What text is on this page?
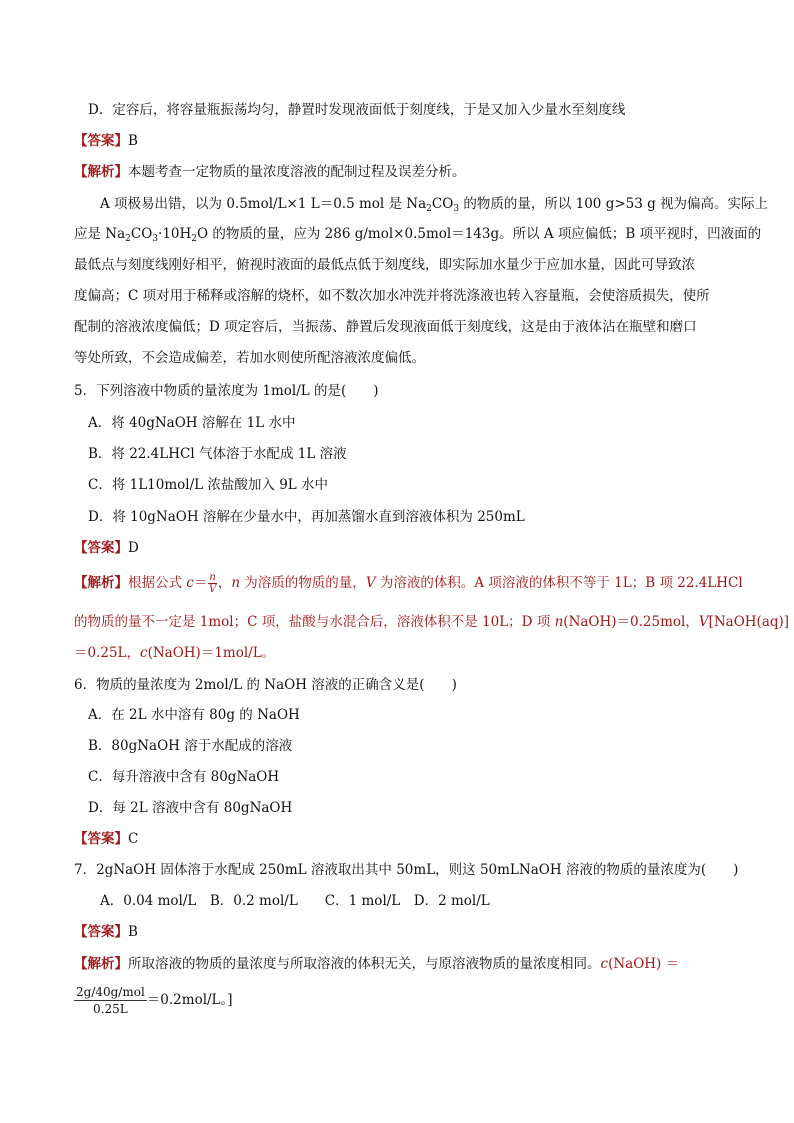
D．定容后，将容量瓶振荡均匀，静置时发现液面低于刻度线，于是又加入少量水至刻度线
【答案】B
【解析】本题考查一定物质的量浓度溶液的配制过程及误差分析。
A 项极易出错，以为 0.5mol/L×1 L＝0.5 mol 是 $Na_2CO_3$ 的物质的量，所以 100 g>53 g 视为偏高。实际上
应是 $Na_2CO_3\cdot 10H_2O$ 的物质的量，应为 286 g/mol×0.5mol＝143g。所以 A 项应偏低；B 项平视时，凹液面的
最低点与刻度线刚好相平，俯视时液面的最低点低于刻度线，即实际加水量少于应加水量，因此可导致浓
度偏高；C 项对用于稀释或溶解的烧杯，如不数次加水冲洗并将洗涤液也转入容量瓶，会使溶质损失，使所
配制的溶液浓度偏低；D 项定容后，当振荡、静置后发现液面低于刻度线，这是由于液体沾在瓶壁和磨口
等处所致，不会造成偏差，若加水则使所配溶液浓度偏低。
5．下列溶液中物质的量浓度为 1mol/L 的是(　　)
A．将 40gNaOH 溶解在 1L 水中
B．将 22.4LHCl 气体溶于水配成 1L 溶液
C．将 1L10mol/L 浓盐酸加入 9L 水中
D．将 10gNaOH 溶解在少量水中，再加蒸馏水直到溶液体积为 250mL
【答案】D
【解析】根据公式 $c= \frac{n}{V}$ ，n 为溶质的物质的量，V 为溶液的体积。A 项溶液的体积不等于 1L；B 项 22.4LHCl
的物质的量不一定是 1mol；C 项，盐酸与水混合后，溶液体积不是 10L；D 项 n(NaOH)＝0.25mol，V[NaOH(aq)]
＝0.25L，c(NaOH)＝1mol/L。
6．物质的量浓度为 2mol/L 的 NaOH 溶液的正确含义是(　　)
A．在 2L 水中溶有 80g 的 NaOH
B．80gNaOH 溶于水配成的溶液
C．每升溶液中含有 80gNaOH
D．每 2L 溶液中含有 80gNaOH
【答案】C
7．2gNaOH 固体溶于水配成 250mL 溶液取出其中 50mL，则这 50mLNaOH 溶液的物质的量浓度为(　　)
A．0.04 mol/L　B．0.2 mol/L　　C．1 mol/L　D．2 mol/L
【答案】B
【解析】所取溶液的物质的量浓度与所取溶液的体积无关，与原溶液物质的量浓度相同。c(NaOH) ＝
2g/40g/mol
0.25L
＝0.2mol/L。]
